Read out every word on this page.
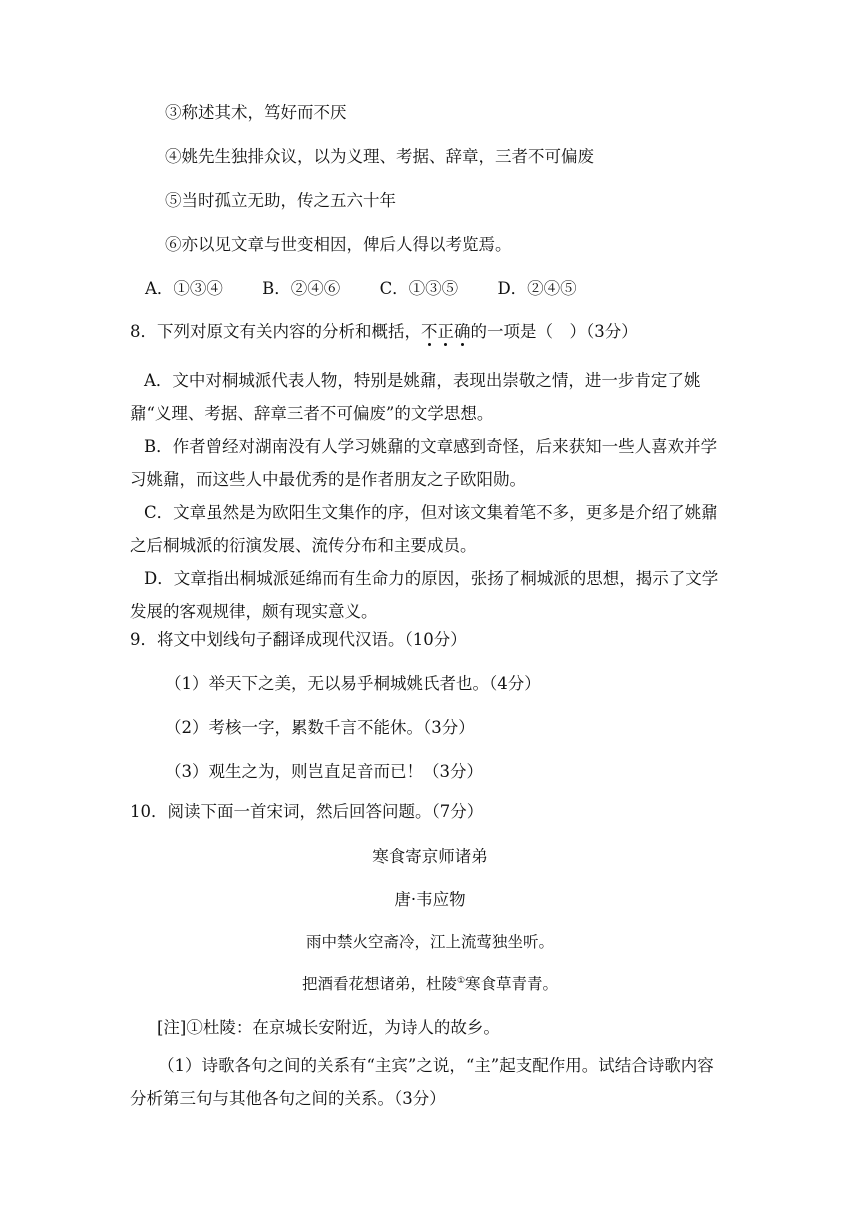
③称述其术，笃好而不厌
④姚先生独排众议，以为义理、考据、辞章，三者不可偏废
⑤当时孤立无助，传之五六十年
⑥亦以见文章与世变相因，俾后人得以考览焉。
A．①③④ B．②④⑥ C．①③⑤ D．②④⑤
8．下列对原文有关内容的分析和概括，不正确的一项是（　）（3分）
A．文中对桐城派代表人物，特别是姚鼐，表现出崇敬之情，进一步肯定了姚鼐“义理、考据、辞章三者不可偏废”的文学思想。
B．作者曾经对湖南没有人学习姚鼐的文章感到奇怪，后来获知一些人喜欢并学习姚鼐，而这些人中最优秀的是作者朋友之子欧阳勋。
C．文章虽然是为欧阳生文集作的序，但对该文集着笔不多，更多是介绍了姚鼐之后桐城派的衍演发展、流传分布和主要成员。
D．文章指出桐城派延绵而有生命力的原因，张扬了桐城派的思想，揭示了文学发展的客观规律，颇有现实意义。
9．将文中划线句子翻译成现代汉语。（10分）
（1）举天下之美，无以易乎桐城姚氏者也。（4分）
（2）考核一字，累数千言不能休。（3分）
（3）观生之为，则岂直足音而已！（3分）
10．阅读下面一首宋词，然后回答问题。（7分）
寒食寄京师诸弟
唐·韦应物
雨中禁火空斋冷，江上流莺独坐听。
把酒看花想诸弟，杜陵①寒食草青青。
[注]①杜陵：在京城长安附近，为诗人的故乡。
（1）诗歌各句之间的关系有“主宾”之说，“主”起支配作用。试结合诗歌内容分析第三句与其他各句之间的关系。（3分）
